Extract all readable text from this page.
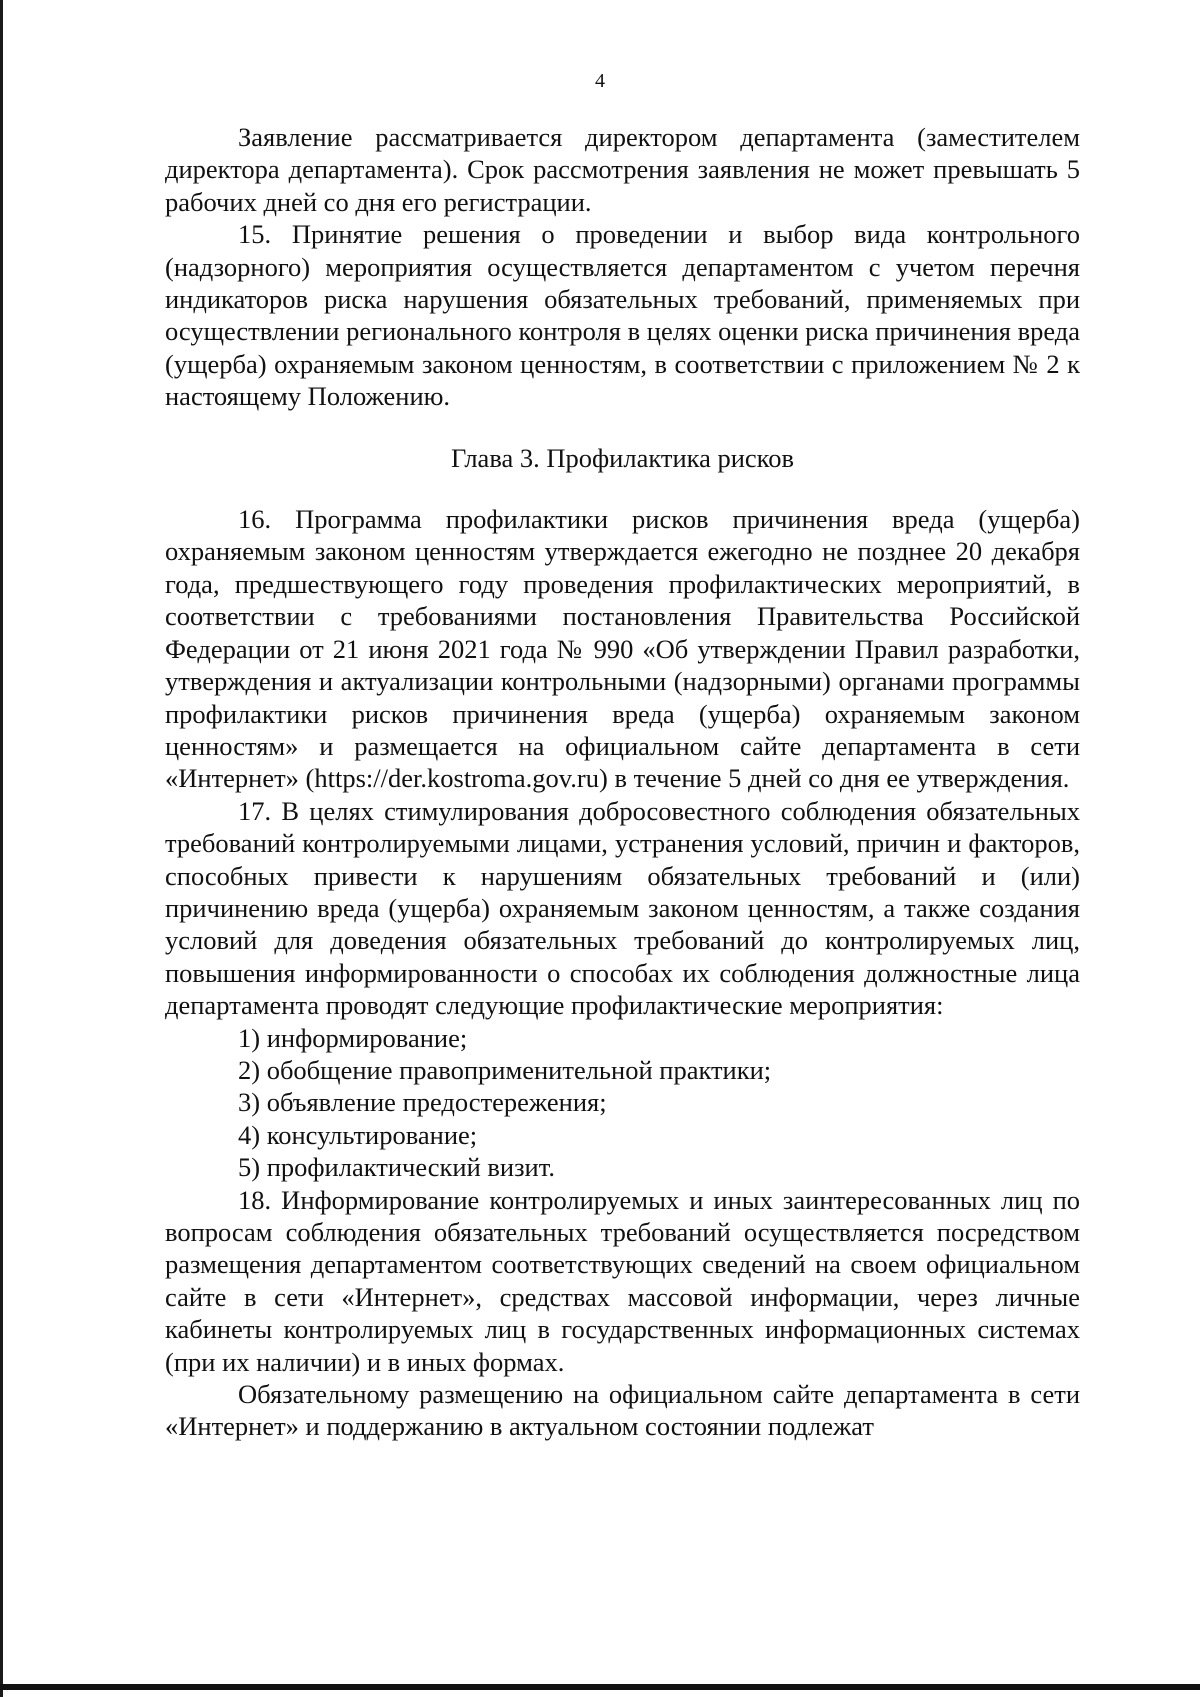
4

Заявление рассматривается директором департамента (заместителем директора департамента). Срок рассмотрения заявления не может превышать 5 рабочих дней со дня его регистрации.

15. Принятие решения о проведении и выбор вида контрольного (надзорного) мероприятия осуществляется департаментом с учетом перечня индикаторов риска нарушения обязательных требований, применяемых при осуществлении регионального контроля в целях оценки риска причинения вреда (ущерба) охраняемым законом ценностям, в соответствии с приложением № 2 к настоящему Положению.

Глава 3. Профилактика рисков

16. Программа профилактики рисков причинения вреда (ущерба) охраняемым законом ценностям утверждается ежегодно не позднее 20 декабря года, предшествующего году проведения профилактических мероприятий, в соответствии с требованиями постановления Правительства Российской Федерации от 21 июня 2021 года № 990 «Об утверждении Правил разработки, утверждения и актуализации контрольными (надзорными) органами программы профилактики рисков причинения вреда (ущерба) охраняемым законом ценностям» и размещается на официальном сайте департамента в сети «Интернет» (https://der.kostroma.gov.ru) в течение 5 дней со дня ее утверждения.

17. В целях стимулирования добросовестного соблюдения обязательных требований контролируемыми лицами, устранения условий, причин и факторов, способных привести к нарушениям обязательных требований и (или) причинению вреда (ущерба) охраняемым законом ценностям, а также создания условий для доведения обязательных требований до контролируемых лиц, повышения информированности о способах их соблюдения должностные лица департамента проводят следующие профилактические мероприятия:

1) информирование;

2) обобщение правоприменительной практики;

3) объявление предостережения;

4) консультирование;

5) профилактический визит.

18. Информирование контролируемых и иных заинтересованных лиц по вопросам соблюдения обязательных требований осуществляется посредством размещения департаментом соответствующих сведений на своем официальном сайте в сети «Интернет», средствах массовой информации, через личные кабинеты контролируемых лиц в государственных информационных системах (при их наличии) и в иных формах.

Обязательному размещению на официальном сайте департамента в сети «Интернет» и поддержанию в актуальном состоянии подлежат
